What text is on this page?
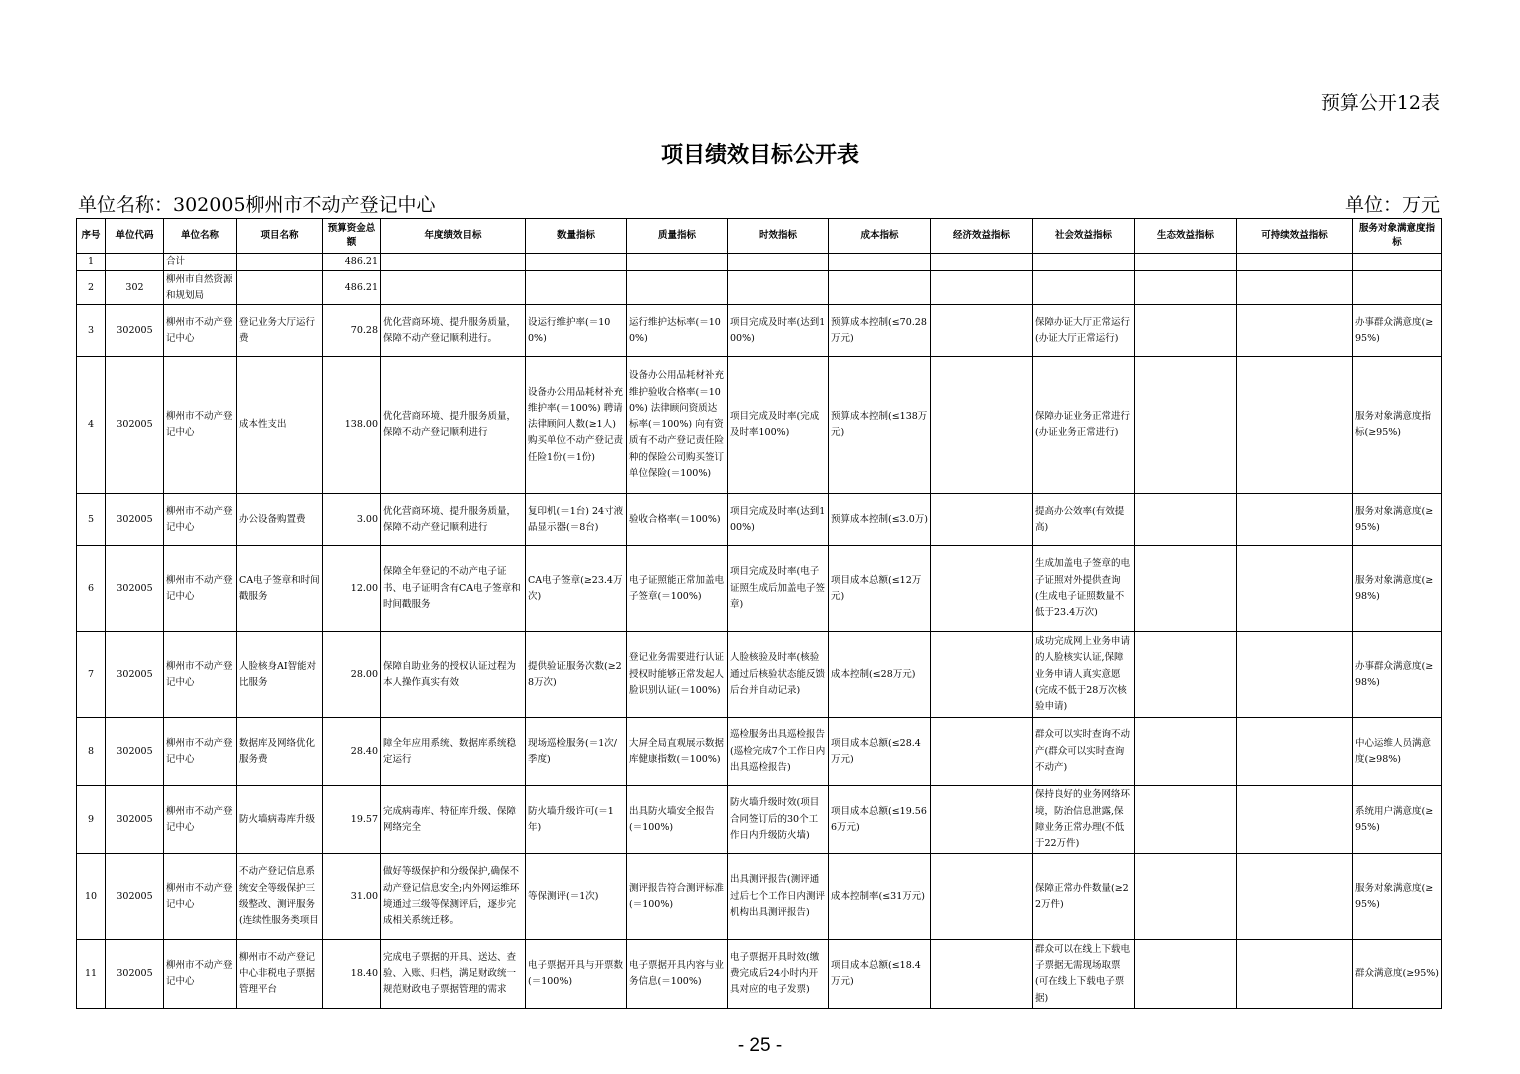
预算公开12表
项目绩效目标公开表
单位名称：302005柳州市不动产登记中心	单位：万元
序号	单位代码	单位名称	项目名称	预算资金总额	年度绩效目标	数量指标	质量指标	时效指标	成本指标	经济效益指标	社会效益指标	生态效益指标	可持续效益指标	服务对象满意度指标
1		合计		486.21										
2	302	柳州市自然资源和规划局		486.21										
3	302005	柳州市不动产登记中心	登记业务大厅运行费	70.28	优化营商环境、提升服务质量，保障不动产登记顺利进行。	设运行维护率(＝100%)	运行维护达标率(＝100%)	项目完成及时率(达到100%)	预算成本控制(≤70.28万元)		保障办证大厅正常运行(办证大厅正常运行)			办事群众满意度(≥95%)
4	302005	柳州市不动产登记中心	成本性支出	138.00	优化营商环境、提升服务质量，保障不动产登记顺利进行	设备办公用品耗材补充维护率(＝100%) 聘请法律顾问人数(≥1人) 购买单位不动产登记责任险1份(＝1份)	设备办公用品耗材补充维护验收合格率(＝100%) 法律顾问资质达标率(＝100%) 向有资质有不动产登记责任险种的保险公司购买签订单位保险(＝100%)	项目完成及时率(完成及时率100%)	预算成本控制(≤138万元)		保障办证业务正常进行(办证业务正常进行)			服务对象满意度指标(≥95%)
5	302005	柳州市不动产登记中心	办公设备购置费	3.00	优化营商环境、提升服务质量，保障不动产登记顺利进行	复印机(＝1台) 24寸液晶显示器(＝8台)	验收合格率(＝100%)	项目完成及时率(达到100%)	预算成本控制(≤3.0万)		提高办公效率(有效提高)			服务对象满意度(≥95%)
6	302005	柳州市不动产登记中心	CA电子签章和时间戳服务	12.00	保障全年登记的不动产电子证书、电子证明含有CA电子签章和时间戳服务	CA电子签章(≥23.4万次)	电子证照能正常加盖电子签章(＝100%)	项目完成及时率(电子证照生成后加盖电子签章)	项目成本总额(≤12万元)		生成加盖电子签章的电子证照对外提供查询(生成电子证照数量不低于23.4万次)			服务对象满意度(≥98%)
7	302005	柳州市不动产登记中心	人脸核身AI智能对比服务	28.00	保障自助业务的授权认证过程为本人操作真实有效	提供验证服务次数(≥28万次)	登记业务需要进行认证授权时能够正常发起人脸识别认证(＝100%)	人脸核验及时率(核验通过后核验状态能反馈后台并自动记录)	成本控制(≤28万元)		成功完成网上业务申请的人脸核实认证,保障业务申请人真实意愿(完成不低于28万次核验申请)			办事群众满意度(≥98%)
8	302005	柳州市不动产登记中心	数据库及网络优化服务费	28.40	障全年应用系统、数据库系统稳定运行	现场巡检服务(＝1次/季度)	大屏全局直观展示数据库健康指数(＝100%)	巡检服务出具巡检报告(巡检完成7个工作日内出具巡检报告)	项目成本总额(≤28.4万元)		群众可以实时查询不动产(群众可以实时查询不动产)			中心运维人员满意度(≥98%)
9	302005	柳州市不动产登记中心	防火墙病毒库升级	19.57	完成病毒库、特征库升级、保障网络完全	防火墙升级许可(＝1年)	出具防火墙安全报告(＝100%)	防火墙升级时效(项目合同签订后的30个工作日内升级防火墙)	项目成本总额(≤19.566万元)		保持良好的业务网络环境，防治信息泄露,保障业务正常办理(不低于22万件)			系统用户满意度(≥95%)
10	302005	柳州市不动产登记中心	不动产登记信息系统安全等级保护三级整改、测评服务(连续性服务类项目	31.00	做好等级保护和分级保护,确保不动产登记信息安全;内外网运维环境通过三级等保测评后，逐步完成相关系统迁移。	等保测评(＝1次)	测评报告符合测评标准(＝100%)	出具测评报告(测评通过后七个工作日内测评机构出具测评报告)	成本控制率(≤31万元)		保障正常办件数量(≥22万件)			服务对象满意度(≥95%)
11	302005	柳州市不动产登记中心	柳州市不动产登记中心非税电子票据管理平台	18.40	完成电子票据的开具、送达、查验、入账、归档，满足财政统一规范财政电子票据管理的需求	电子票据开具与开票数(＝100%)	电子票据开具内容与业务信息(＝100%)	电子票据开具时效(缴费完成后24小时内开具对应的电子发票)	项目成本总额(≤18.4万元)		群众可以在线上下载电子票据无需现场取票(可在线上下载电子票据)			群众满意度(≥95%)
- 25 -
